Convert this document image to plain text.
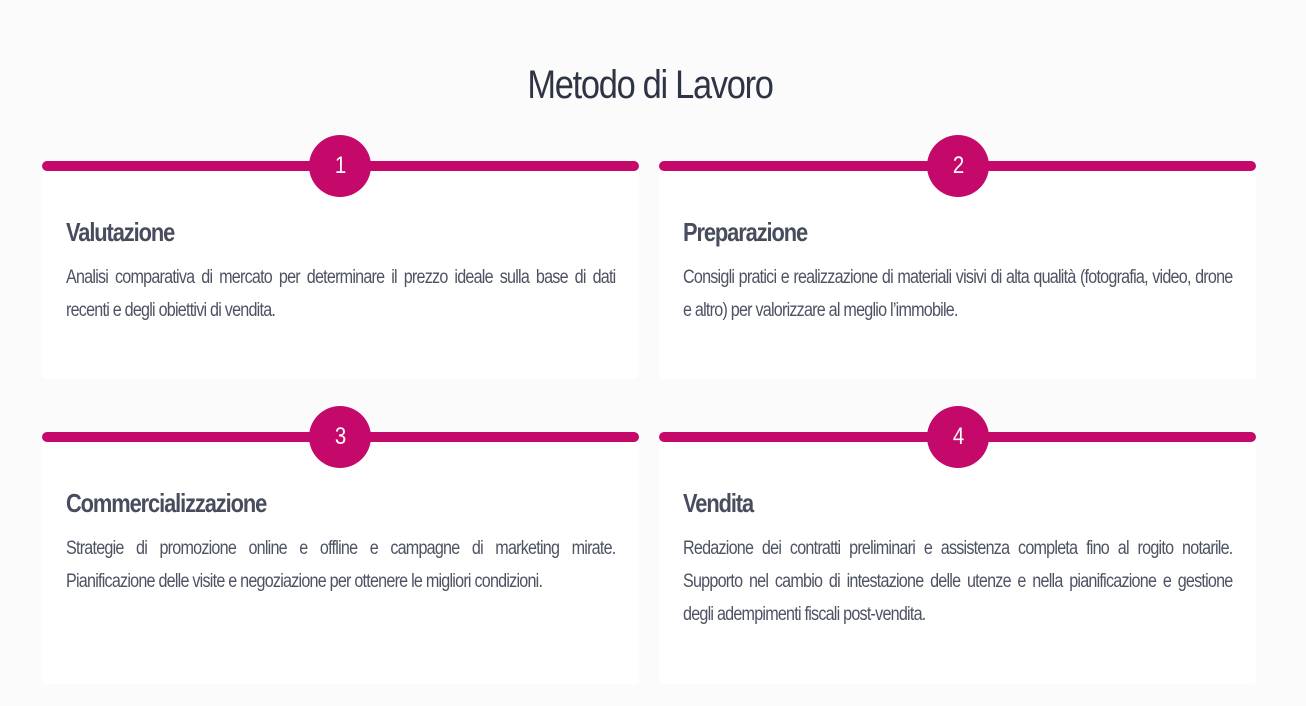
Metodo di Lavoro
1
Valutazione

Analisi comparativa di mercato per determinare il prezzo ideale sulla base di dati recenti e degli obiettivi di vendita.

2
Preparazione

Consigli pratici e realizzazione di materiali visivi di alta qualità (fotografia, video, drone e altro) per valorizzare al meglio l’immobile.

3
Commercializzazione

Strategie di promozione online e offline e campagne di marketing mirate. Pianificazione delle visite e negoziazione per ottenere le migliori condizioni.

4
Vendita

Redazione dei contratti preliminari e assistenza completa fino al rogito notarile. Supporto nel cambio di intestazione delle utenze e nella pianificazione e gestione degli adempimenti fiscali post-vendita.
